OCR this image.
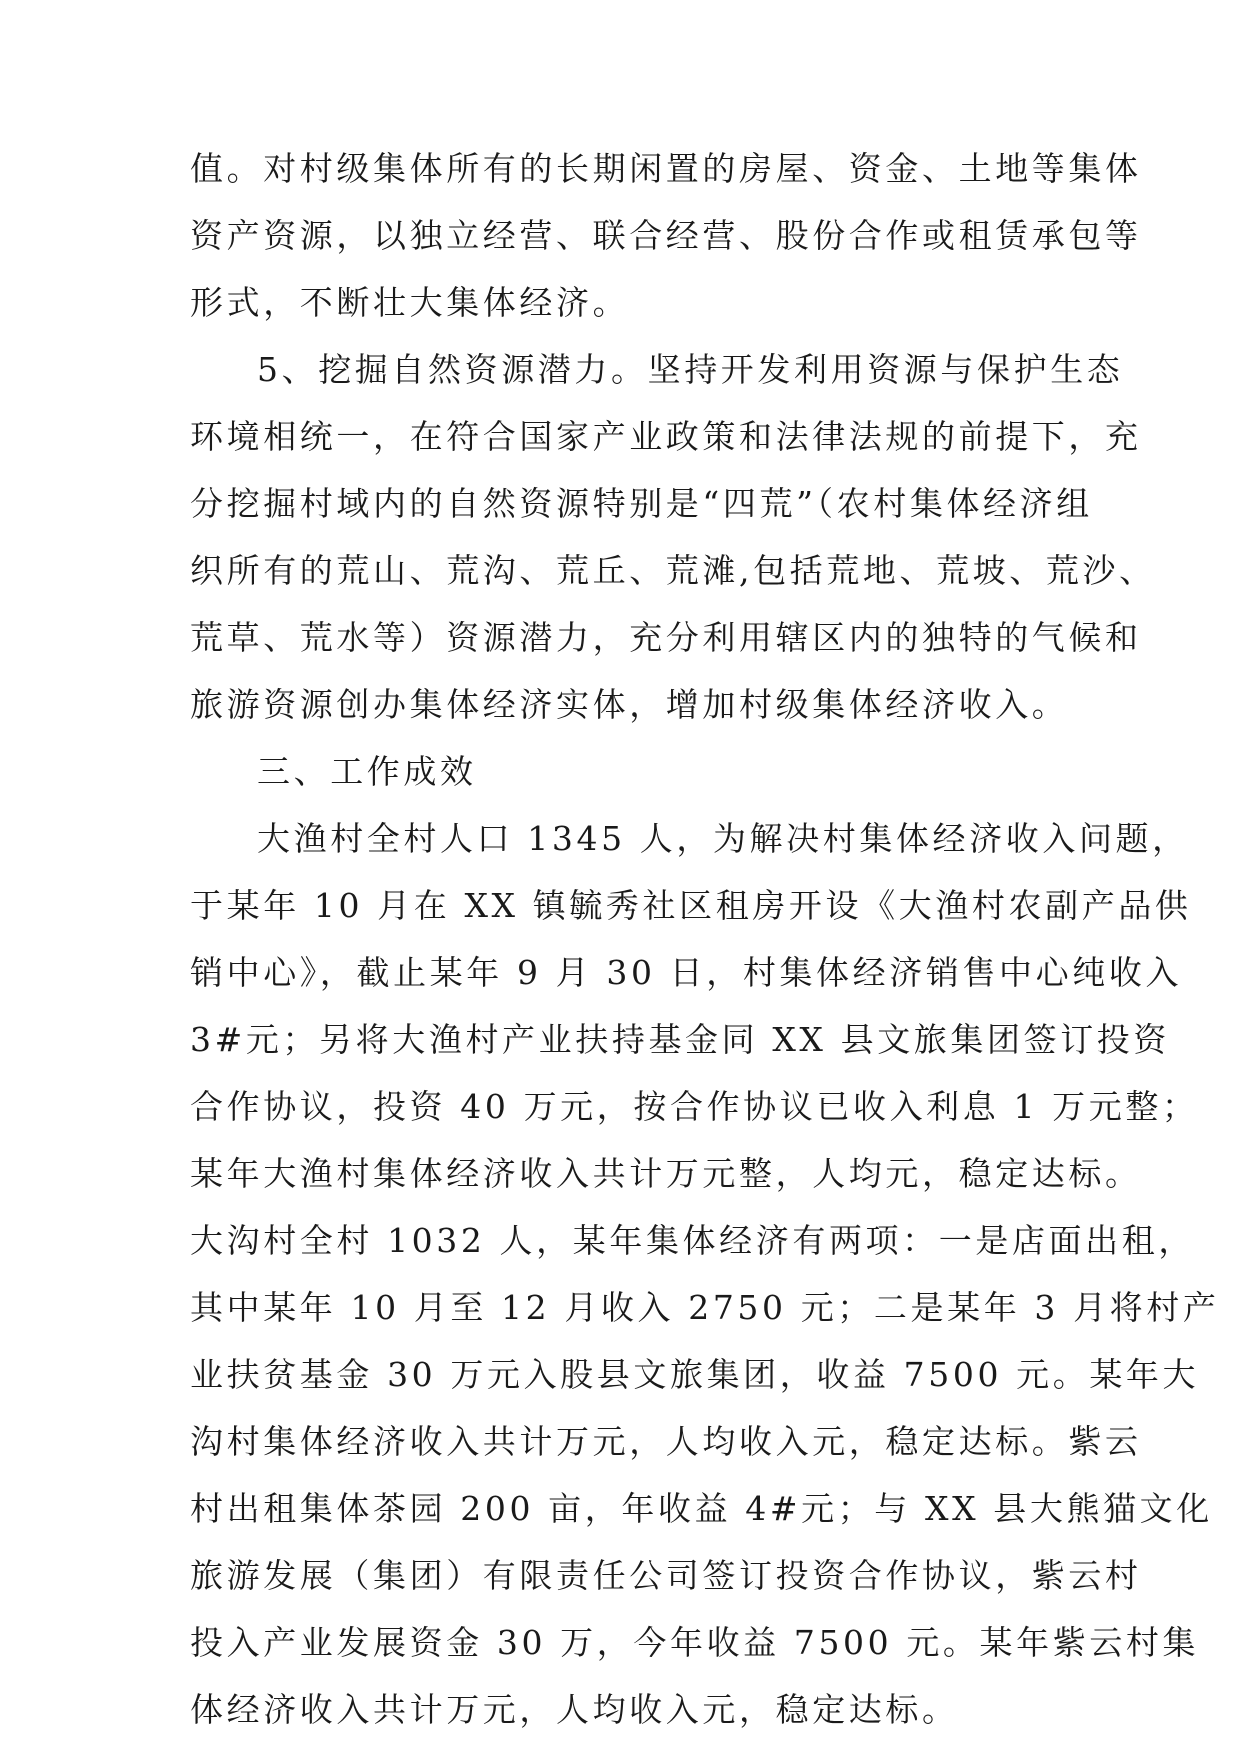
值。对村级集体所有的长期闲置的房屋、资金、土地等集体
资产资源，以独立经营、联合经营、股份合作或租赁承包等
形式，不断壮大集体经济。
5、挖掘自然资源潜力。坚持开发利用资源与保护生态
环境相统一，在符合国家产业政策和法律法规的前提下，充
分挖掘村域内的自然资源特别是“四荒”（农村集体经济组
织所有的荒山、荒沟、荒丘、荒滩,包括荒地、荒坡、荒沙、
荒草、荒水等）资源潜力，充分利用辖区内的独特的气候和
旅游资源创办集体经济实体，增加村级集体经济收入。
三、工作成效
大渔村全村人口 1345 人，为解决村集体经济收入问题，
于某年 10 月在 XX 镇毓秀社区租房开设《大渔村农副产品供
销中心》，截止某年 9 月 30 日，村集体经济销售中心纯收入
3#元；另将大渔村产业扶持基金同 XX 县文旅集团签订投资
合作协议，投资 40 万元，按合作协议已收入利息 1 万元整；
某年大渔村集体经济收入共计万元整，人均元，稳定达标。
大沟村全村 1032 人，某年集体经济有两项：一是店面出租，
其中某年 10 月至 12 月收入 2750 元；二是某年 3 月将村产
业扶贫基金 30 万元入股县文旅集团，收益 7500 元。某年大
沟村集体经济收入共计万元，人均收入元，稳定达标。紫云
村出租集体茶园 200 亩，年收益 4#元；与 XX 县大熊猫文化
旅游发展（集团）有限责任公司签订投资合作协议，紫云村
投入产业发展资金 30 万，今年收益 7500 元。某年紫云村集
体经济收入共计万元，人均收入元，稳定达标。
